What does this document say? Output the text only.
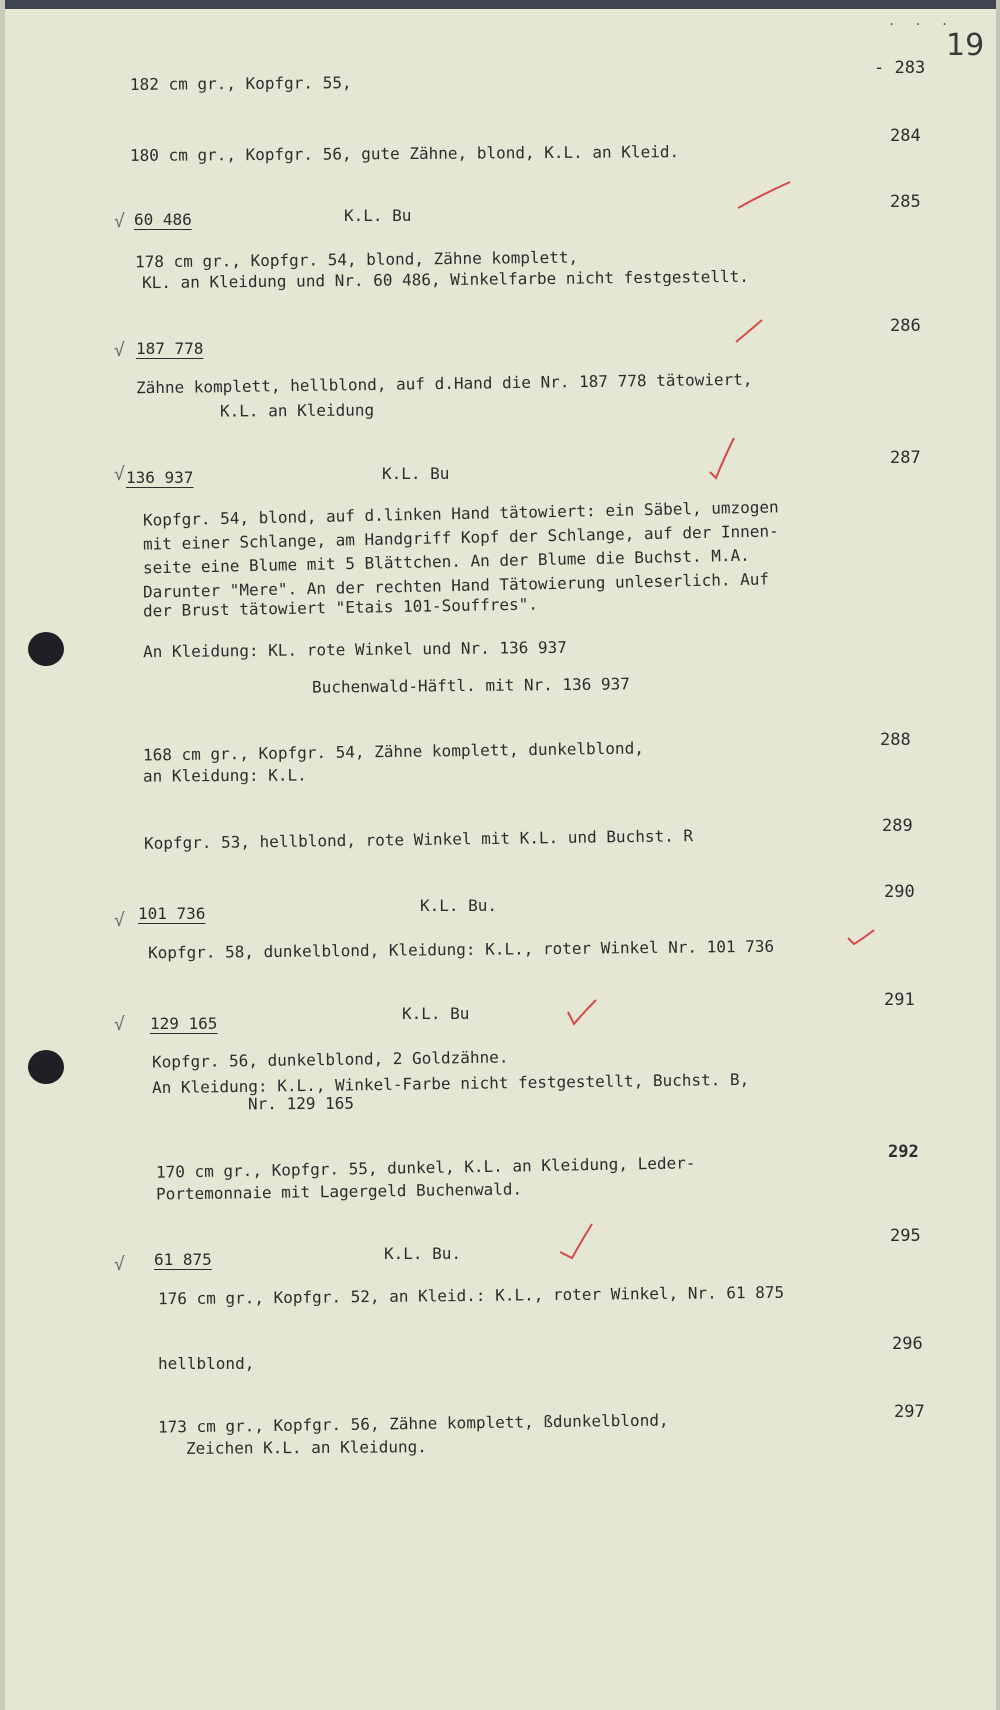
. . .
19
- 283
182 cm gr., Kopfgr. 55,
284
180 cm gr., Kopfgr. 56, gute Zähne, blond, K.L. an Kleid.
285
√ 60 486	K.L. Bu
178 cm gr., Kopfgr. 54, blond, Zähne komplett,
KL. an Kleidung und Nr. 60 486, Winkelfarbe nicht festgestellt.
286
√ 187 778
Zähne komplett, hellblond, auf d.Hand die Nr. 187 778 tätowiert,
K.L. an Kleidung
287
√ 136 937	K.L. Bu
Kopfgr. 54, blond, auf d.linken Hand tätowiert: ein Säbel, umzogen
mit einer Schlange, am Handgriff Kopf der Schlange, auf der Innen-
seite eine Blume mit 5 Blättchen. An der Blume die Buchst. M.A.
Darunter "Mere". An der rechten Hand Tätowierung unleserlich. Auf
der Brust tätowiert "Etais 101-Souffres".
An Kleidung: KL. rote Winkel und Nr. 136 937
Buchenwald-Häftl. mit Nr. 136 937
288
168 cm gr., Kopfgr. 54, Zähne komplett, dunkelblond,
an Kleidung: K.L.
289
Kopfgr. 53, hellblond, rote Winkel mit K.L. und Buchst. R
290
√ 101 736	K.L. Bu.
Kopfgr. 58, dunkelblond, Kleidung: K.L., roter Winkel Nr. 101 736
291
√ 129 165
K.L. Bu
Kopfgr. 56, dunkelblond, 2 Goldzähne.
An Kleidung: K.L., Winkel-Farbe nicht festgestellt, Buchst. B,
Nr. 129 165
292
170 cm gr., Kopfgr. 55, dunkel, K.L. an Kleidung, Leder-
Portemonnaie mit Lagergeld Buchenwald.
295
√ 61 875	K.L. Bu.
176 cm gr., Kopfgr. 52, an Kleid.: K.L., roter Winkel, Nr. 61 875
296
hellblond,
297
173 cm gr., Kopfgr. 56, Zähne komplett, ßdunkelblond,
Zeichen K.L. an Kleidung.
